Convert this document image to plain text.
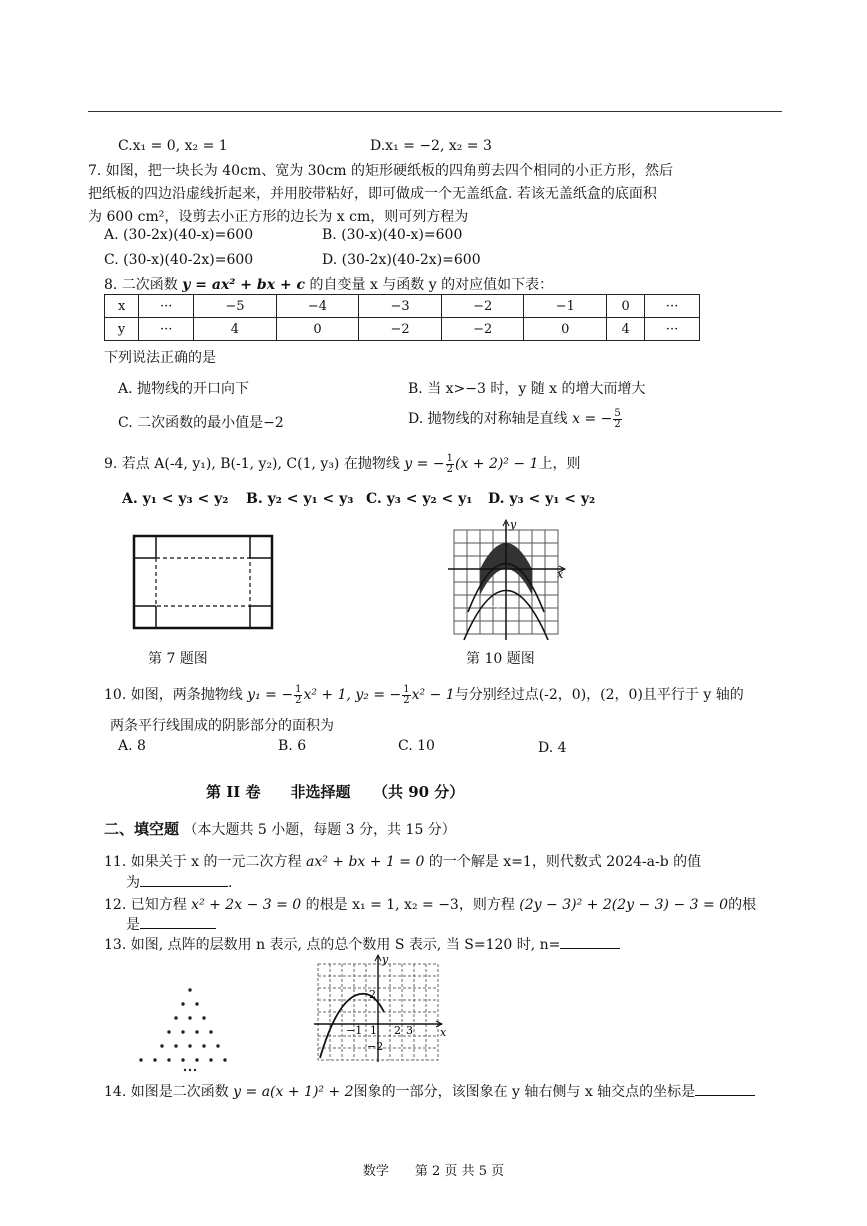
C.x₁ = 0, x₂ = 1	D.x₁ = −2, x₂ = 3
7. 如图，把一块长为 40cm、宽为 30cm 的矩形硬纸板的四角剪去四个相同的小正方形，然后
把纸板的四边沿虚线折起来，并用胶带粘好，即可做成一个无盖纸盒. 若该无盖纸盒的底面积
为 600 cm²，设剪去小正方形的边长为 x cm，则可列方程为
A. (30-2x)(40-x)=600	B. (30-x)(40-x)=600
C. (30-x)(40-2x)=600	D. (30-2x)(40-2x)=600
8. 二次函数 y = ax² + bx + c 的自变量 x 与函数 y 的对应值如下表：
x	···	−5	−4	−3	−2	−1	0	···
y	···	4	0	−2	−2	0	4	···
下列说法正确的是
A. 抛物线的开口向下	B. 当 x>−3 时，y 随 x 的增大而增大
C. 二次函数的最小值是−2	D. 抛物线的对称轴是直线 x = − $\frac{5}{2}$
9. 若点 A(-4, y₁), B(-1, y₂), C(1, y₃) 在抛物线 y = − $\frac{1}{2} (x + 2)^2 - 1$上，则
A. y₁ < y₃ < y₂ B. y₂ < y₁ < y₃ C. y₃ < y₂ < y₁ D. y₃ < y₁ < y₂
第 7 题图
y
x
−2
第 10 题图
10. 如图，两条抛物线 y₁ = − $\frac{1}{2} x^2 + 1$, y₂ = − $\frac{1}{2} x^2 - 1$与分别经过点(-2，0)，(2，0)且平行于 y 轴的
两条平行线围成的阴影部分的面积为
A. 8	B. 6	C. 10	D. 4
第 II 卷　　非选择题　　（共 90 分）
二、填空题 （本大题共 5 小题，每题 3 分，共 15 分）
11. 如果关于 x 的一元二次方程 ax² + bx + 1 = 0 的一个解是 x=1，则代数式 2024-a-b 的值
为	.
12. 已知方程 x² + 2x − 3 = 0 的根是 x₁ = 1, x₂ = −3，则方程 (2y − 3)² + 2(2y − 3) − 3 = 0的根
是
13. 如图, 点阵的层数用 n 表示, 点的总个数用 S 表示, 当 S=120 时, n=
y
x
2
1
−1	2 3
−2
14. 如图是二次函数 y = a(x + 1)² + 2图象的一部分，该图象在 y 轴右侧与 x 轴交点的坐标是
数学　　第 2 页 共 5 页
